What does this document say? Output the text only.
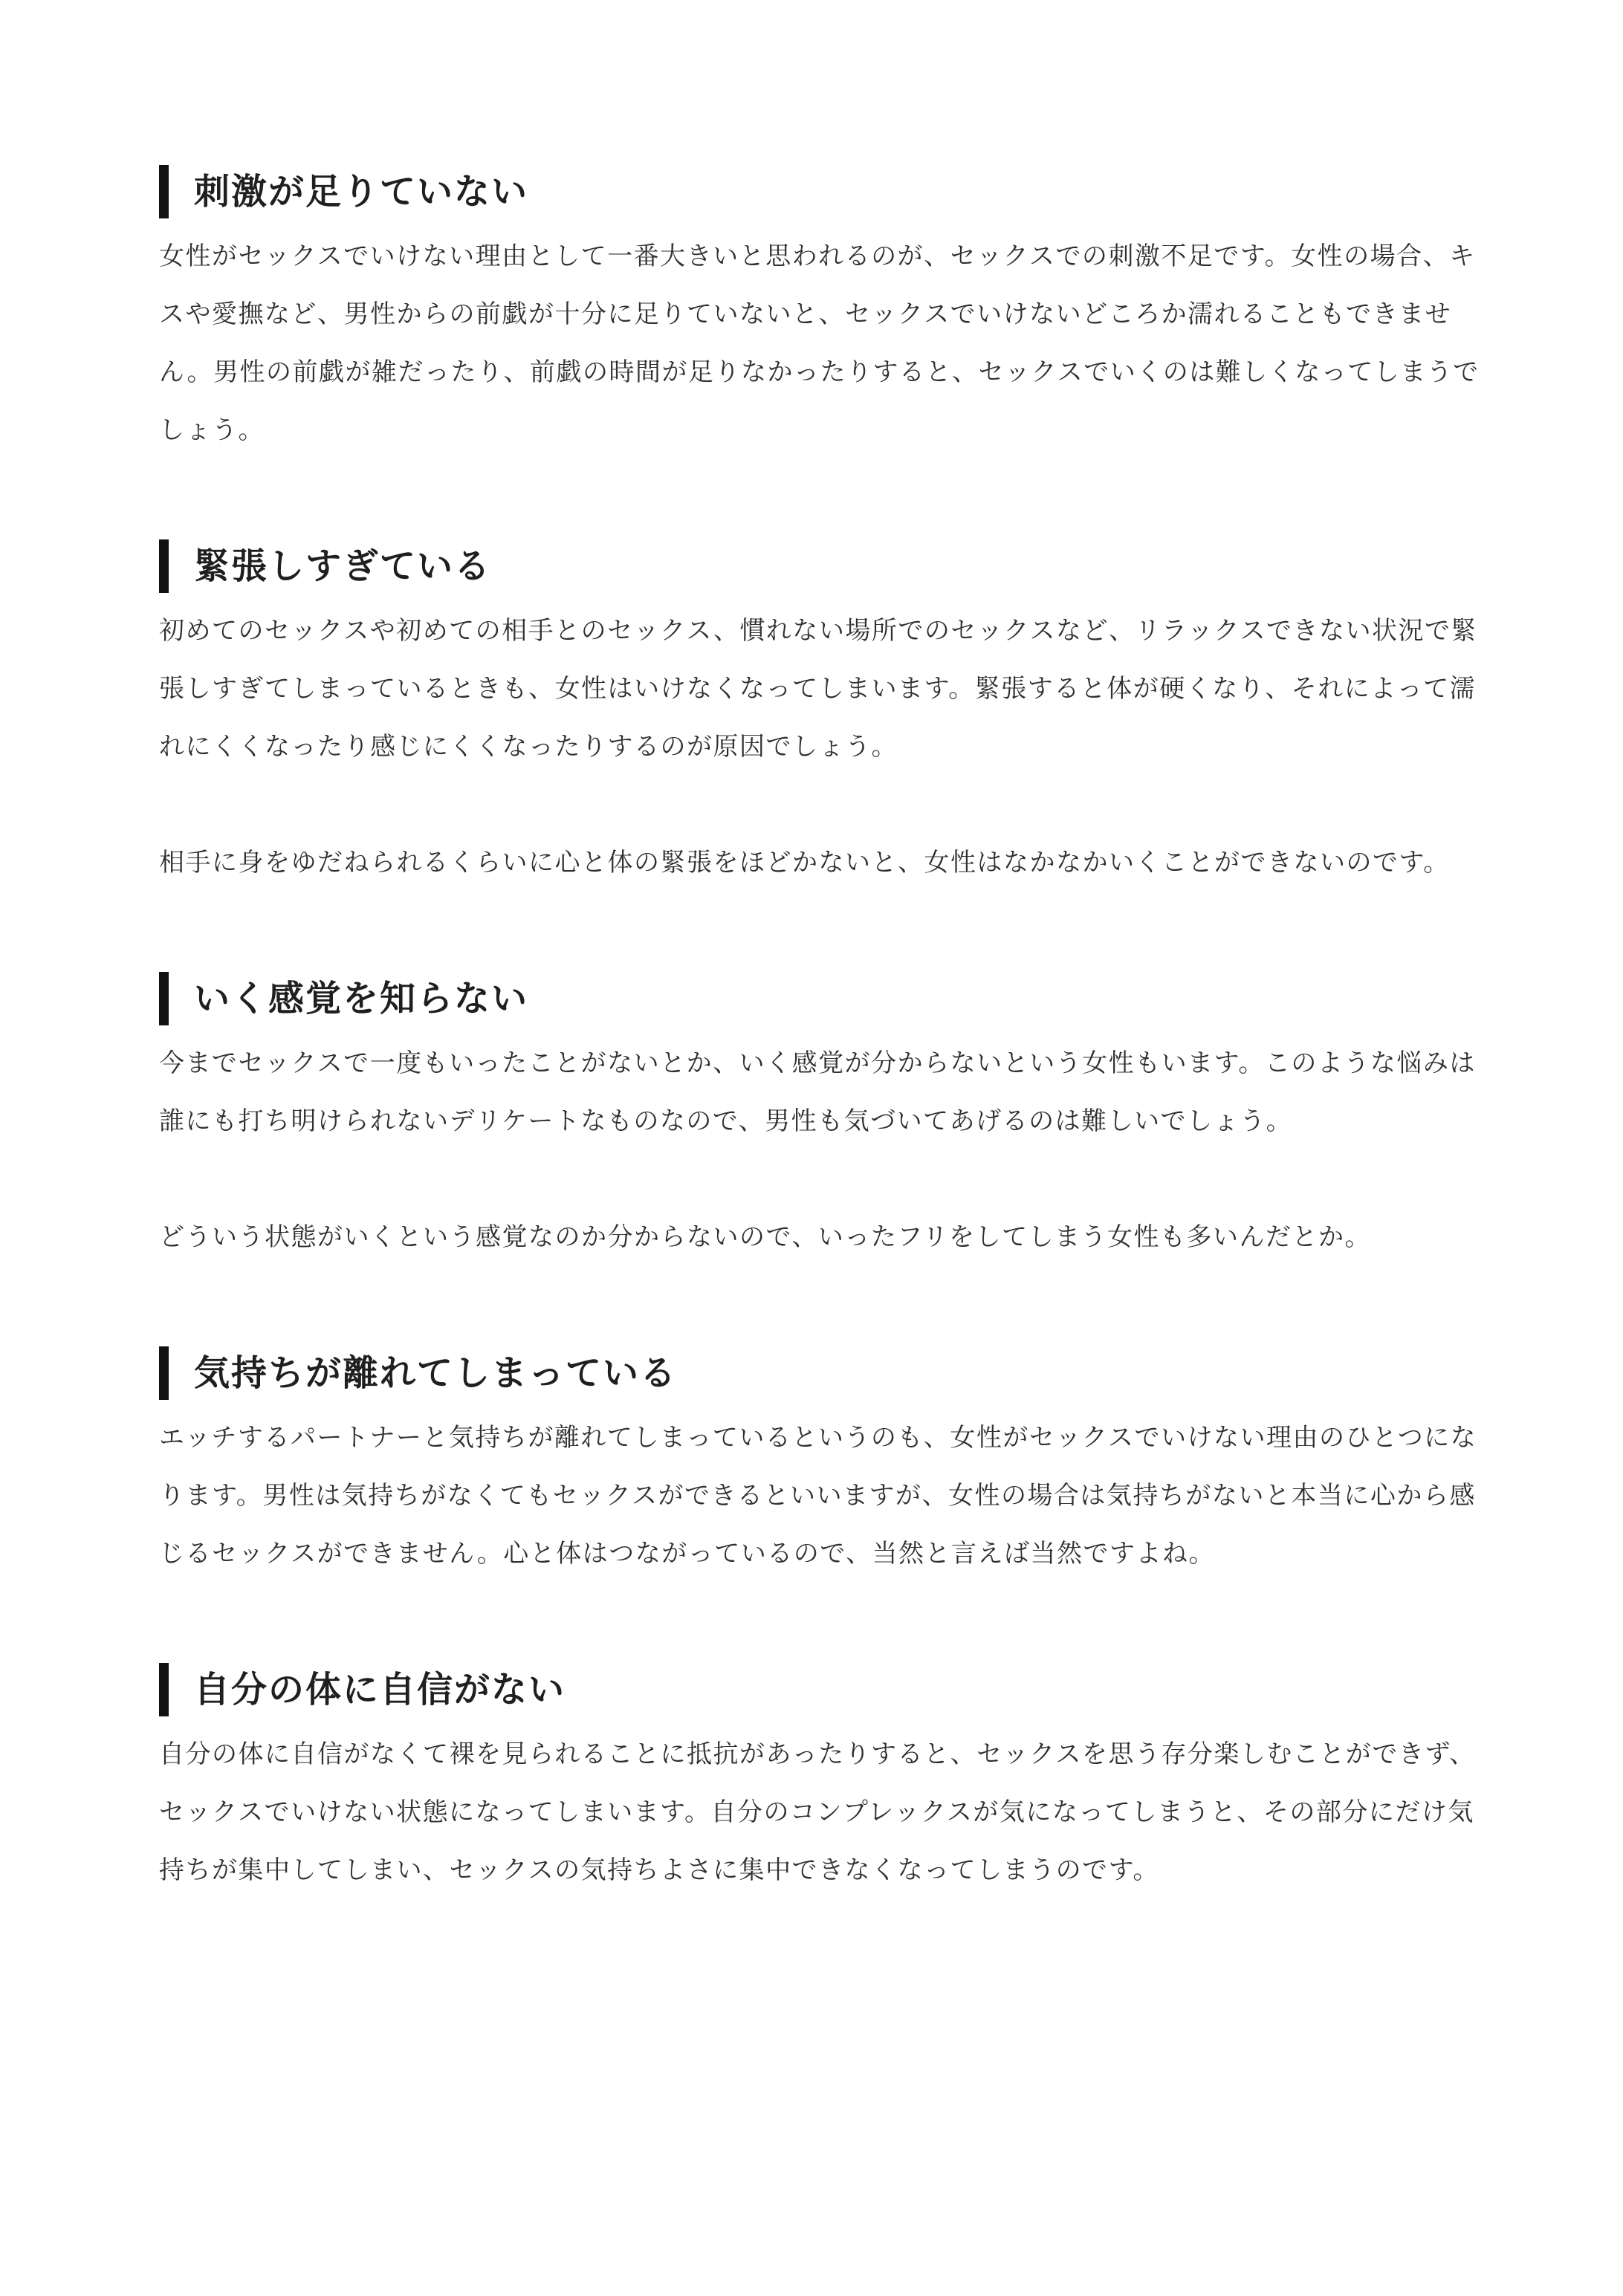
刺激が足りていない

女性がセックスでいけない理由として一番大きいと思われるのが、セックスでの刺激不足です。女性の場合、キスや愛撫など、男性からの前戯が十分に足りていないと、セックスでいけないどころか濡れることもできません。男性の前戯が雑だったり、前戯の時間が足りなかったりすると、セックスでいくのは難しくなってしまうでしょう。

緊張しすぎている

初めてのセックスや初めての相手とのセックス、慣れない場所でのセックスなど、リラックスできない状況で緊張しすぎてしまっているときも、女性はいけなくなってしまいます。緊張すると体が硬くなり、それによって濡れにくくなったり感じにくくなったりするのが原因でしょう。

相手に身をゆだねられるくらいに心と体の緊張をほどかないと、女性はなかなかいくことができないのです。

いく感覚を知らない

今までセックスで一度もいったことがないとか、いく感覚が分からないという女性もいます。このような悩みは誰にも打ち明けられないデリケートなものなので、男性も気づいてあげるのは難しいでしょう。

どういう状態がいくという感覚なのか分からないので、いったフリをしてしまう女性も多いんだとか。

気持ちが離れてしまっている

エッチするパートナーと気持ちが離れてしまっているというのも、女性がセックスでいけない理由のひとつになります。男性は気持ちがなくてもセックスができるといいますが、女性の場合は気持ちがないと本当に心から感じるセックスができません。心と体はつながっているので、当然と言えば当然ですよね。

自分の体に自信がない

自分の体に自信がなくて裸を見られることに抵抗があったりすると、セックスを思う存分楽しむことができず、セックスでいけない状態になってしまいます。自分のコンプレックスが気になってしまうと、その部分にだけ気持ちが集中してしまい、セックスの気持ちよさに集中できなくなってしまうのです。
